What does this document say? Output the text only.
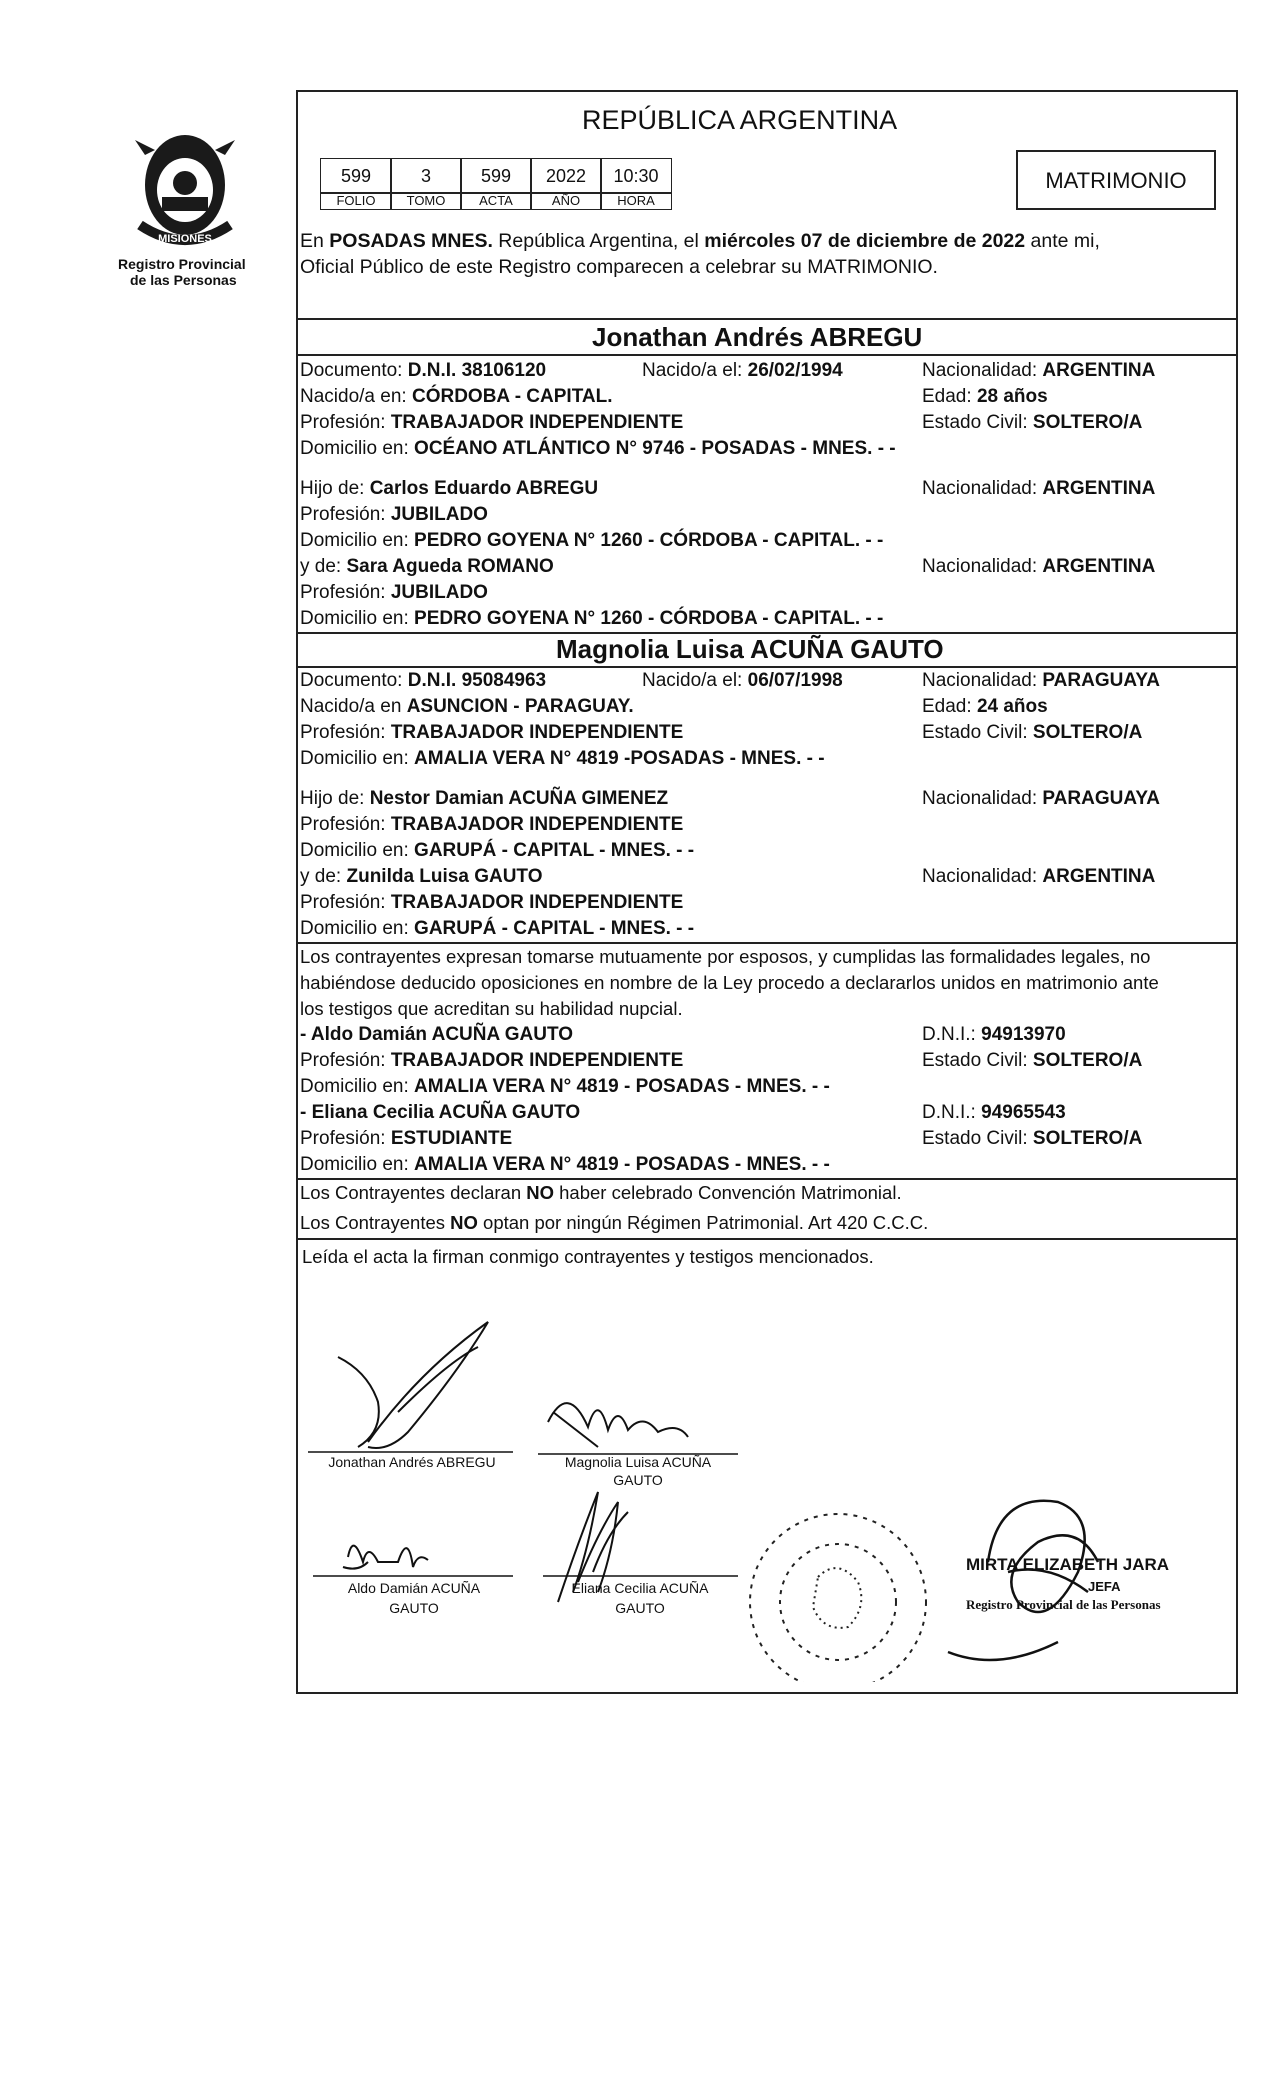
MISIONES
Registro Provincial
de las Personas
REPÚBLICA ARGENTINA
599	3	599	2022	10:30
FOLIO	TOMO	ACTA	AÑO	HORA
MATRIMONIO
En POSADAS MNES. República Argentina, el miércoles 07 de diciembre de 2022 ante mi,
Oficial Público de este Registro comparecen a celebrar su MATRIMONIO.
Jonathan Andrés ABREGU
Documento: D.N.I. 38106120	Nacido/a el: 26/02/1994	Nacionalidad: ARGENTINA
Nacido/a en: CÓRDOBA - CAPITAL.	Edad: 28 años
Profesión: TRABAJADOR INDEPENDIENTE	Estado Civil: SOLTERO/A
Domicilio en: OCÉANO ATLÁNTICO N° 9746 - POSADAS - MNES. - -
Hijo de: Carlos Eduardo ABREGU	Nacionalidad: ARGENTINA
Profesión: JUBILADO
Domicilio en: PEDRO GOYENA N° 1260 - CÓRDOBA - CAPITAL. - -
y de: Sara Agueda ROMANO	Nacionalidad: ARGENTINA
Profesión: JUBILADO
Domicilio en: PEDRO GOYENA N° 1260 - CÓRDOBA - CAPITAL. - -
Magnolia Luisa ACUÑA GAUTO
Documento: D.N.I. 95084963	Nacido/a el: 06/07/1998	Nacionalidad: PARAGUAYA
Nacido/a en ASUNCION - PARAGUAY.	Edad: 24 años
Profesión: TRABAJADOR INDEPENDIENTE	Estado Civil: SOLTERO/A
Domicilio en: AMALIA VERA N° 4819 -POSADAS - MNES. - -
Hijo de: Nestor Damian ACUÑA GIMENEZ	Nacionalidad: PARAGUAYA
Profesión: TRABAJADOR INDEPENDIENTE
Domicilio en: GARUPÁ - CAPITAL - MNES. - -
y de: Zunilda Luisa GAUTO	Nacionalidad: ARGENTINA
Profesión: TRABAJADOR INDEPENDIENTE
Domicilio en: GARUPÁ - CAPITAL - MNES. - -
Los contrayentes expresan tomarse mutuamente por esposos, y cumplidas las formalidades legales, no
habiéndose deducido oposiciones en nombre de la Ley procedo a declararlos unidos en matrimonio ante
los testigos que acreditan su habilidad nupcial.
- Aldo Damián ACUÑA GAUTO	D.N.I.: 94913970
Profesión: TRABAJADOR INDEPENDIENTE	Estado Civil: SOLTERO/A
Domicilio en: AMALIA VERA N° 4819 - POSADAS - MNES. - -
- Eliana Cecilia ACUÑA GAUTO	D.N.I.: 94965543
Profesión: ESTUDIANTE	Estado Civil: SOLTERO/A
Domicilio en: AMALIA VERA N° 4819 - POSADAS - MNES. - -
Los Contrayentes declaran NO haber celebrado Convención Matrimonial.
Los Contrayentes NO optan por ningún Régimen Patrimonial. Art 420 C.C.C.
Leída el acta la firman conmigo contrayentes y testigos mencionados.
Jonathan Andrés ABREGU	Magnolia Luisa ACUÑA
GAUTO
Aldo Damián ACUÑA
GAUTO
Eliana Cecilia ACUÑA
GAUTO
MIRTA ELIZABETH JARA
JEFA
Registro Provincial de las Personas
